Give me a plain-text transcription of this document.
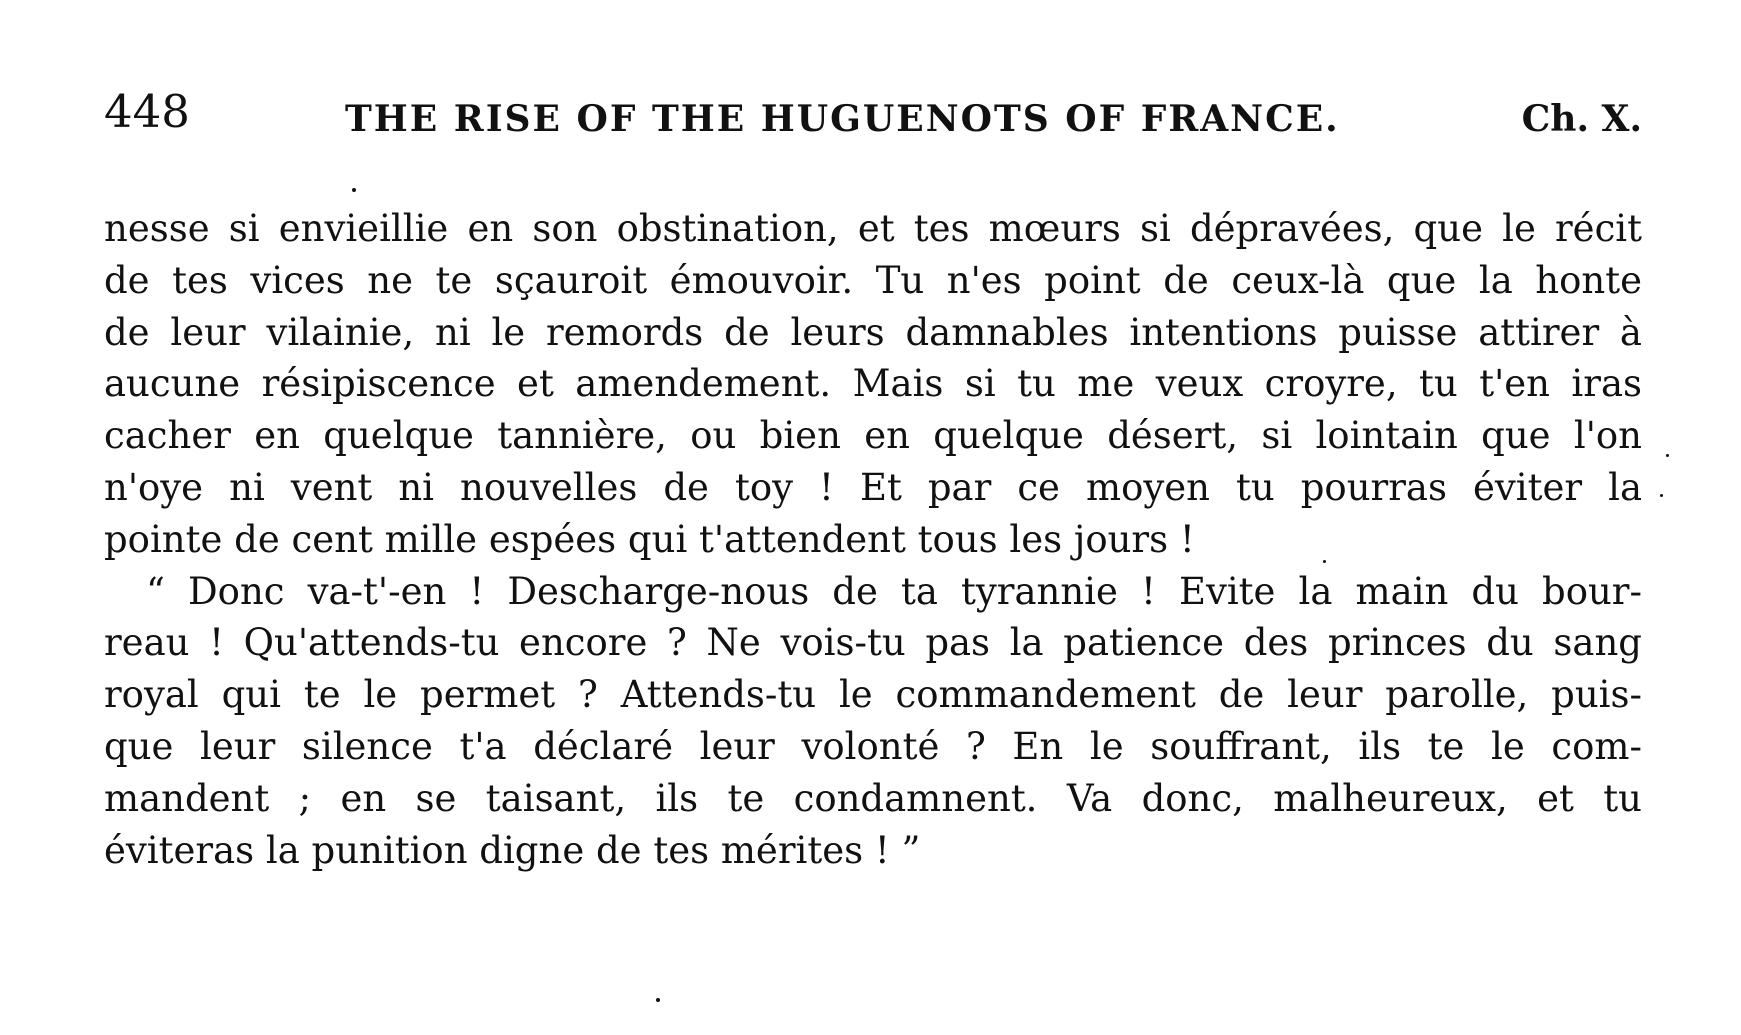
448	THE RISE OF THE HUGUENOTS OF FRANCE.	Ch. X.
nesse si envieillie en son obstination, et tes mœurs si dépravées, que le récit
de tes vices ne te sçauroit émouvoir. Tu n'es point de ceux-là que la honte
de leur vilainie, ni le remords de leurs damnables intentions puisse attirer à
aucune résipiscence et amendement. Mais si tu me veux croyre, tu t'en iras
cacher en quelque tannière, ou bien en quelque désert, si lointain que l'on
n'oye ni vent ni nouvelles de toy ! Et par ce moyen tu pourras éviter la
pointe de cent mille espées qui t'attendent tous les jours !
“ Donc va-t'-en ! Descharge-nous de ta tyrannie ! Evite la main du bour-
reau ! Qu'attends-tu encore ? Ne vois-tu pas la patience des princes du sang
royal qui te le permet ? Attends-tu le commandement de leur parolle, puis-
que leur silence t'a déclaré leur volonté ? En le souffrant, ils te le com-
mandent ; en se taisant, ils te condamnent. Va donc, malheureux, et tu
éviteras la punition digne de tes mérites ! ”
